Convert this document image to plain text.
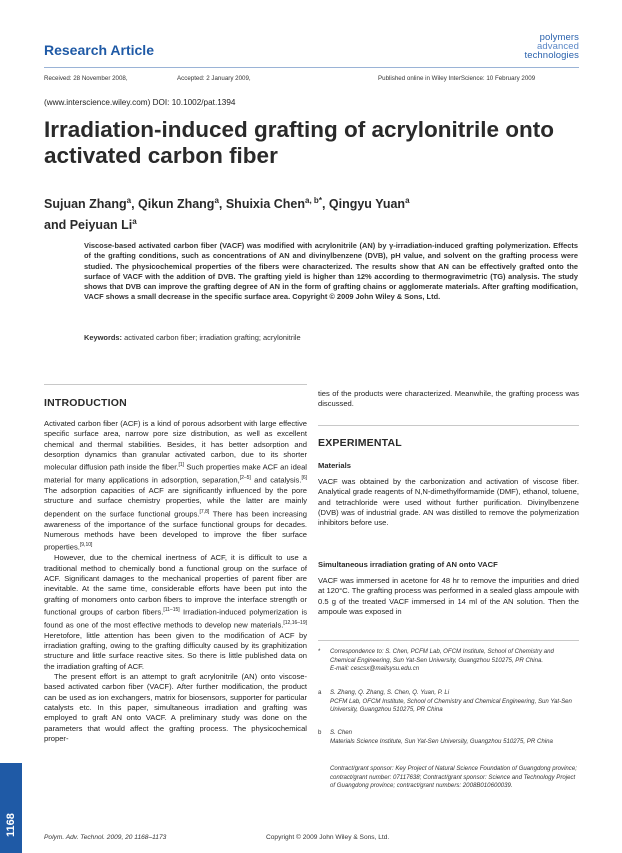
Research Article
polymers
advanced
technologies
Received: 28 November 2008,	Accepted: 2 January 2009,	Published online in Wiley InterScience: 10 February 2009
(www.interscience.wiley.com) DOI: 10.1002/pat.1394
Irradiation-induced grafting of acrylonitrile onto activated carbon fiber
Sujuan Zhang$^a$, Qikun Zhang$^a$, Shuixia Chen$^{a, b*}$, Qingyu Yuan$^a$
and Peiyuan Li$^a$

Viscose-based activated carbon fiber (VACF) was modified with acrylonitrile (AN) by γ-irradiation-induced grafting polymerization. Effects of the grafting conditions, such as concentrations of AN and divinylbenzene (DVB), pH value, and solvent on the grafting process were studied. The physicochemical properties of the fibers were characterized. The results show that AN can be effectively grafted onto the surface of VACF with the addition of DVB. The grafting yield is higher than 12% according to thermogravimetric (TG) analysis. The study shows that DVB can improve the grafting degree of AN in the form of grafting chains or agglomerate materials. After grafting modification, VACF shows a small decrease in the specific surface area. Copyright © 2009 John Wiley & Sons, Ltd.

Keywords: activated carbon fiber; irradiation grafting; acrylonitrile
INTRODUCTION

Activated carbon fiber (ACF) is a kind of porous adsorbent with large effective specific surface area, narrow pore size distribution, as well as excellent chemical and thermal stabilities. Besides, it has better adsorption and desorption dynamics than granular activated carbon, due to its shorter molecular diffusion path inside the fiber.[1] Such properties make ACF an ideal material for many applications in adsorption, separation,[2–5] and catalysis.[6] The adsorption capacities of ACF are significantly influenced by the pore structure and surface chemistry properties, while the latter are mainly dependent on the surface functional groups.[7,8] There has been increasing awareness of the importance of the surface functional groups for decades. Numerous methods have been developed to improve the fiber surface properties.[9,10]

However, due to the chemical inertness of ACF, it is difficult to use a traditional method to chemically bond a functional group on the surface of ACF. Significant damages to the mechanical properties of parent fiber are inevitable. At the same time, considerable efforts have been put into the grafting of monomers onto carbon fibers to improve the interface strength or functional groups of carbon fibers.[11–15] Irradiation-induced polymerization is found as one of the most effective methods to develop new materials.[12,16–19] Heretofore, little attention has been given to the modification of ACF by irradiation grafting, owing to the grafting difficulty caused by its graphitization structure and little surface reactive sites. So there is little published data on the irradiation grafting of ACF.

The present effort is an attempt to graft acrylonitrile (AN) onto viscose-based activated carbon fiber (VACF). After further modification, the product can be used as ion exchangers, matrix for biosensors, supporter for particular catalysts etc. In this paper, simultaneous irradiation and grafting was employed to graft AN onto VACF. A preliminary study was done on the parameters that would affect the grafting process. The physicochemical proper-

ties of the products were characterized. Meanwhile, the grafting process was discussed.
EXPERIMENTAL
Materials
VACF was obtained by the carbonization and activation of viscose fiber. Analytical grade reagents of N,N-dimethylformamide (DMF), ethanol, toluene, and tetrachloride were used without further purification. Divinylbenzene (DVB) was of industrial grade. AN was distilled to remove the polymerization inhibitors before use.
Simultaneous irradiation grating of AN onto VACF
VACF was immersed in acetone for 48 hr to remove the impurities and dried at 120°C. The grafting process was performed in a sealed glass ampoule with 0.5 g of the treated VACF immersed in 14 ml of the AN solution. Then the ampoule was exposed in
* Correspondence to: S. Chen, PCFM Lab, OFCM Institute, School of Chemistry and Chemical Engineering, Sun Yat-Sen University, Guangzhou 510275, PR China.
E-mail: cescsx@mailsysu.edu.cn
a S. Zhang, Q. Zhang, S. Chen, Q. Yuan, P. Li
PCFM Lab, OFCM Institute, School of Chemistry and Chemical Engineering, Sun Yat-Sen University, Guangzhou 510275, PR China
b S. Chen
Materials Science Institute, Sun Yat-Sen University, Guangzhou 510275, PR China
Contract/grant sponsor: Key Project of Natural Science Foundation of Guangdong province; contract/grant number: 07117638; Contract/grant sponsor: Science and Technology Project of Guangdong province; contract/grant numbers: 2008B010600039.
1168
Polym. Adv. Technol. 2009, 20 1168–1173	Copyright © 2009 John Wiley & Sons, Ltd.
